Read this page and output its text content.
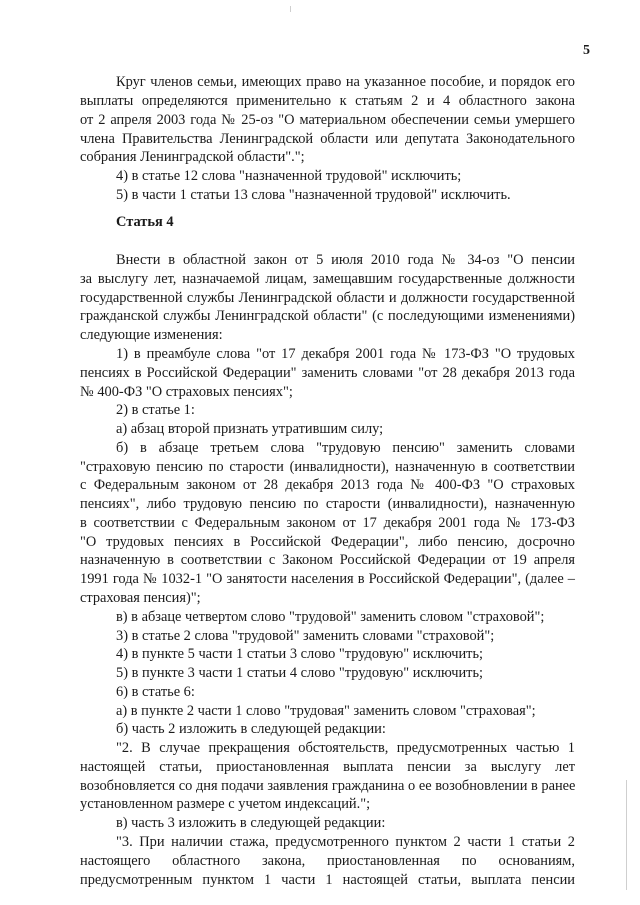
5
Круг членов семьи, имеющих право на указанное пособие, и порядок его
выплаты определяются применительно к статьям 2 и 4 областного закона
от 2 апреля 2003 года № 25-оз "О материальном обеспечении семьи умершего
члена Правительства Ленинградской области или депутата Законодательного
собрания Ленинградской области".";
4) в статье 12 слова "назначенной трудовой" исключить;
5) в части 1 статьи 13 слова "назначенной трудовой" исключить.
Статья 4
Внести в областной закон от 5 июля 2010 года № 34-оз "О пенсии
за выслугу лет, назначаемой лицам, замещавшим государственные должности
государственной службы Ленинградской области и должности государственной
гражданской службы Ленинградской области" (с последующими изменениями)
следующие изменения:
1) в преамбуле слова "от 17 декабря 2001 года № 173-ФЗ "О трудовых
пенсиях в Российской Федерации" заменить словами "от 28 декабря 2013 года
№ 400-ФЗ "О страховых пенсиях";
2) в статье 1:
а) абзац второй признать утратившим силу;
б) в абзаце третьем слова "трудовую пенсию" заменить словами
"страховую пенсию по старости (инвалидности), назначенную в соответствии
с Федеральным законом от 28 декабря 2013 года № 400-ФЗ "О страховых
пенсиях", либо трудовую пенсию по старости (инвалидности), назначенную
в соответствии с Федеральным законом от 17 декабря 2001 года № 173-ФЗ
"О трудовых пенсиях в Российской Федерации", либо пенсию, досрочно
назначенную в соответствии с Законом Российской Федерации от 19 апреля
1991 года № 1032-1 "О занятости населения в Российской Федерации", (далее –
страховая пенсия)";
в) в абзаце четвертом слово "трудовой" заменить словом "страховой";
3) в статье 2 слова "трудовой" заменить словами "страховой";
4) в пункте 5 части 1 статьи 3 слово "трудовую" исключить;
5) в пункте 3 части 1 статьи 4 слово "трудовую" исключить;
6) в статье 6:
а) в пункте 2 части 1 слово "трудовая" заменить словом "страховая";
б) часть 2 изложить в следующей редакции:
"2. В случае прекращения обстоятельств, предусмотренных частью 1
настоящей статьи, приостановленная выплата пенсии за выслугу лет
возобновляется со дня подачи заявления гражданина о ее возобновлении в ранее
установленном размере с учетом индексаций.";
в) часть 3 изложить в следующей редакции:
"3. При наличии стажа, предусмотренного пунктом 2 части 1 статьи 2
настоящего областного закона, приостановленная по основаниям,
предусмотренным пунктом 1 части 1 настоящей статьи, выплата пенсии
